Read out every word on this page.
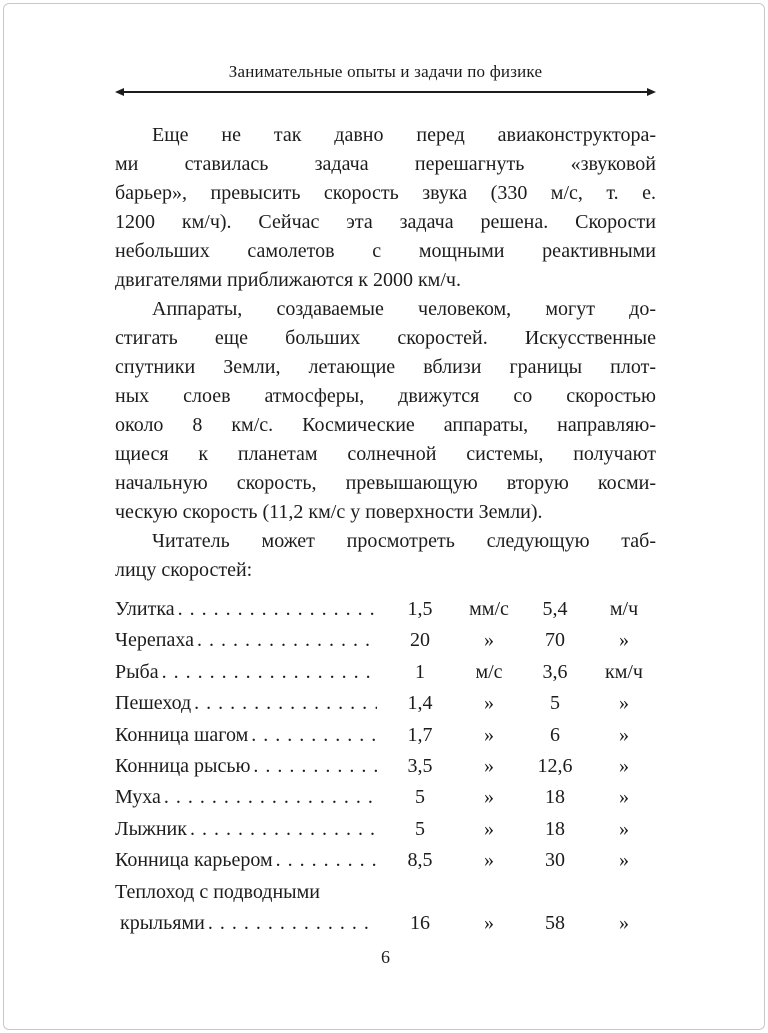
Занимательные опыты и задачи по физике
Еще не так давно перед авиаконструктора-
ми ставилась задача перешагнуть «звуковой
барьер», превысить скорость звука (330 м/с, т. е.
1200 км/ч). Сейчас эта задача решена. Скорости
небольших самолетов с мощными реактивными
двигателями приближаются к 2000 км/ч.
Аппараты, создаваемые человеком, могут до-
стигать еще больших скоростей. Искусственные
спутники Земли, летающие вблизи границы плот-
ных слоев атмосферы, движутся со скоростью
около 8 км/с. Космические аппараты, направляю-
щиеся к планетам солнечной системы, получают
начальную скорость, превышающую вторую косми-
ческую скорость (11,2 км/с у поверхности Земли).
Читатель может просмотреть следующую таб-
лицу скоростей:
Улитка .....	1,5	мм/с	5,4	м/ч
Черепаха .....	20	»	70	»
Рыба .....	1	м/с	3,6	км/ч
Пешеход .....	1,4	»	5	»
Конница шагом .....	1,7	»	6	»
Конница рысью .....	3,5	»	12,6	»
Муха .....	5	»	18	»
Лыжник .....	5	»	18	»
Конница карьером .....	8,5	»	30	»
Теплоход с подводными
крыльями .....	16	»	58	»
6
